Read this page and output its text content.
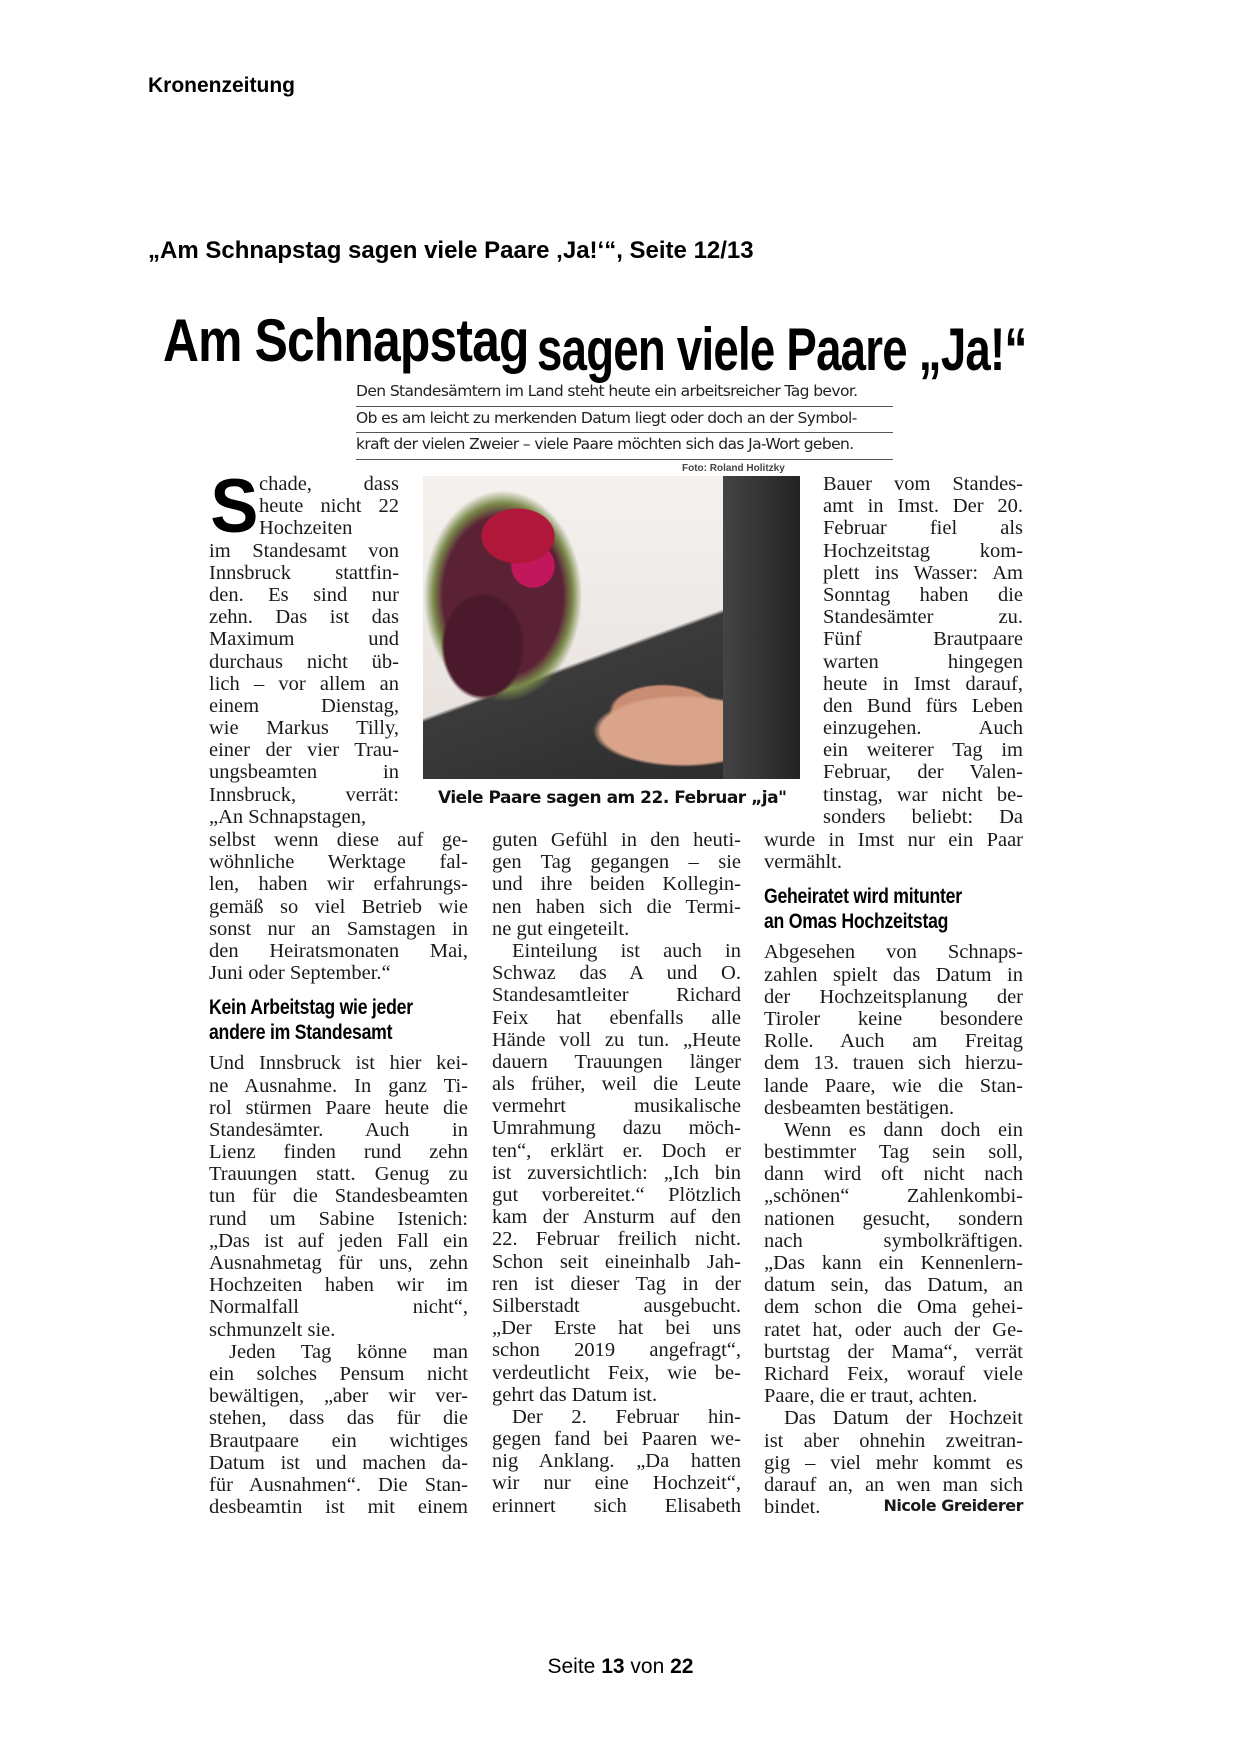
Kronenzeitung
„Am Schnapstag sagen viele Paare ‚Ja!‘“, Seite 12/13
Am Schnapstag sagen viele Paare „Ja!“
Den Standesämtern im Land steht heute ein arbeitsreicher Tag bevor.
Ob es am leicht zu merkenden Datum liegt oder doch an der Symbol-
kraft der vielen Zweier – viele Paare möchten sich das Ja-Wort geben.
Foto: Roland Holitzky
Viele Paare sagen am 22. Februar „ja"
S chade, dass
heute nicht 22
Hochzeiten
im Standesamt von
Innsbruck stattfin-
den. Es sind nur
zehn. Das ist das
Maximum und
durchaus nicht üb-
lich – vor allem an
einem Dienstag,
wie Markus Tilly,
einer der vier Trau-
ungsbeamten in
Innsbruck, verrät:
„An Schnapstagen,
Bauer vom Standes-
amt in Imst. Der 20.
Februar fiel als
Hochzeitstag kom-
plett ins Wasser: Am
Sonntag haben die
Standesämter zu.
Fünf Brautpaare
warten hingegen
heute in Imst darauf,
den Bund fürs Leben
einzugehen. Auch
ein weiterer Tag im
Februar, der Valen-
tinstag, war nicht be-
sonders beliebt: Da
selbst wenn diese auf ge-
wöhnliche Werktage fal-
len, haben wir erfahrungs-
gemäß so viel Betrieb wie
sonst nur an Samstagen in
den Heiratsmonaten Mai,
Juni oder September.“
Kein Arbeitstag wie jeder
andere im Standesamt
Und Innsbruck ist hier kei-
ne Ausnahme. In ganz Ti-
rol stürmen Paare heute die
Standesämter. Auch in
Lienz finden rund zehn
Trauungen statt. Genug zu
tun für die Standesbeamten
rund um Sabine Istenich:
„Das ist auf jeden Fall ein
Ausnahmetag für uns, zehn
Hochzeiten haben wir im
Normalfall nicht“,
schmunzelt sie.
Jeden Tag könne man
ein solches Pensum nicht
bewältigen, „aber wir ver-
stehen, dass das für die
Brautpaare ein wichtiges
Datum ist und machen da-
für Ausnahmen“. Die Stan-
desbeamtin ist mit einem
guten Gefühl in den heuti-
gen Tag gegangen – sie
und ihre beiden Kollegin-
nen haben sich die Termi-
ne gut eingeteilt.
Einteilung ist auch in
Schwaz das A und O.
Standesamtleiter Richard
Feix hat ebenfalls alle
Hände voll zu tun. „Heute
dauern Trauungen länger
als früher, weil die Leute
vermehrt musikalische
Umrahmung dazu möch-
ten“, erklärt er. Doch er
ist zuversichtlich: „Ich bin
gut vorbereitet.“ Plötzlich
kam der Ansturm auf den
22. Februar freilich nicht.
Schon seit eineinhalb Jah-
ren ist dieser Tag in der
Silberstadt ausgebucht.
„Der Erste hat bei uns
schon 2019 angefragt“,
verdeutlicht Feix, wie be-
gehrt das Datum ist.
Der 2. Februar hin-
gegen fand bei Paaren we-
nig Anklang. „Da hatten
wir nur eine Hochzeit“,
erinnert sich Elisabeth
wurde in Imst nur ein Paar
vermählt.
Geheiratet wird mitunter
an Omas Hochzeitstag
Abgesehen von Schnaps-
zahlen spielt das Datum in
der Hochzeitsplanung der
Tiroler keine besondere
Rolle. Auch am Freitag
dem 13. trauen sich hierzu-
lande Paare, wie die Stan-
desbeamten bestätigen.
Wenn es dann doch ein
bestimmter Tag sein soll,
dann wird oft nicht nach
„schönen“ Zahlenkombi-
nationen gesucht, sondern
nach symbolkräftigen.
„Das kann ein Kennenlern-
datum sein, das Datum, an
dem schon die Oma gehei-
ratet hat, oder auch der Ge-
burtstag der Mama“, verrät
Richard Feix, worauf viele
Paare, die er traut, achten.
Das Datum der Hochzeit
ist aber ohnehin zweitran-
gig – viel mehr kommt es
darauf an, an wen man sich
bindet.	Nicole Greiderer
Seite 13 von 22
